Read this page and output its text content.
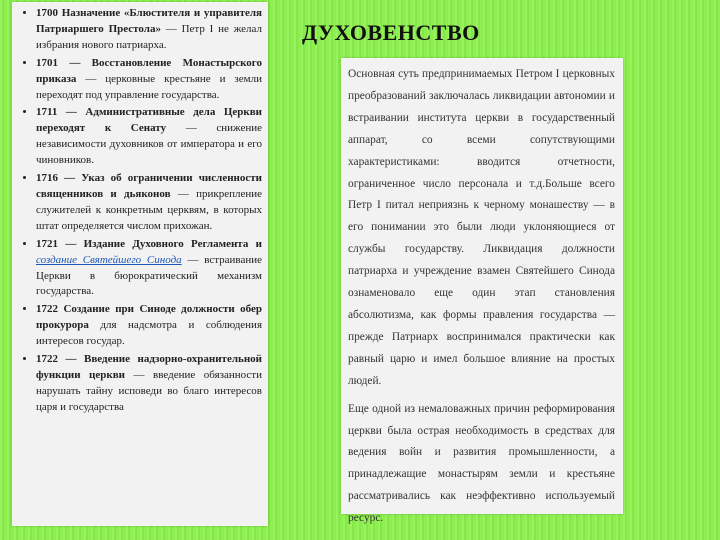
• 1700 Назначение «Блюстителя и управителя Патриаршего Престола» — Петр I не желал избрания нового патриарха.
• 1701 — Восстановление Монастырского приказа — церковные крестьяне и земли переходят под управление государства.
• 1711 — Административные дела Церкви переходят к Сенату — снижение независимости духовников от императора и его чиновников.
• 1716 — Указ об ограничении численности священников и дьяконов — прикрепление служителей к конкретным церквям, в которых штат определяется числом прихожан.
• 1721 — Издание Духовного Регламента и создание Святейшего Синода — встраивание Церкви в бюрократический механизм государства.
• 1722 Создание при Синоде должности обер прокурора для надсмотра и соблюдения интересов государ.
• 1722 — Введение надзорно-охранительной функции церкви — введение обязанности нарушать тайну исповеди во благо интересов царя и государства
ДУХОВЕНСТВО

Основная суть предпринимаемых Петром I церковных преобразований заключалась ликвидации автономии и встраивании института церкви в государственный аппарат, со всеми сопутствующими характеристиками: вводится отчетности, ограниченное число персонала и т.д.Больше всего Петр I питал неприязнь к черному монашеству — в его понимании это были люди уклоняющиеся от службы государству. Ликвидация должности патриарха и учреждение взамен Святейшего Синода ознаменовало еще один этап становления абсолютизма, как формы правления государства — прежде Патриарх воспринимался практически как равный царю и имел большое влияние на простых людей.

Еще одной из немаловажных причин реформирования церкви была острая необходимость в средствах для ведения войн и развития промышленности, а принадлежащие монастырям земли и крестьяне рассматривались как неэффективно используемый ресурс.
